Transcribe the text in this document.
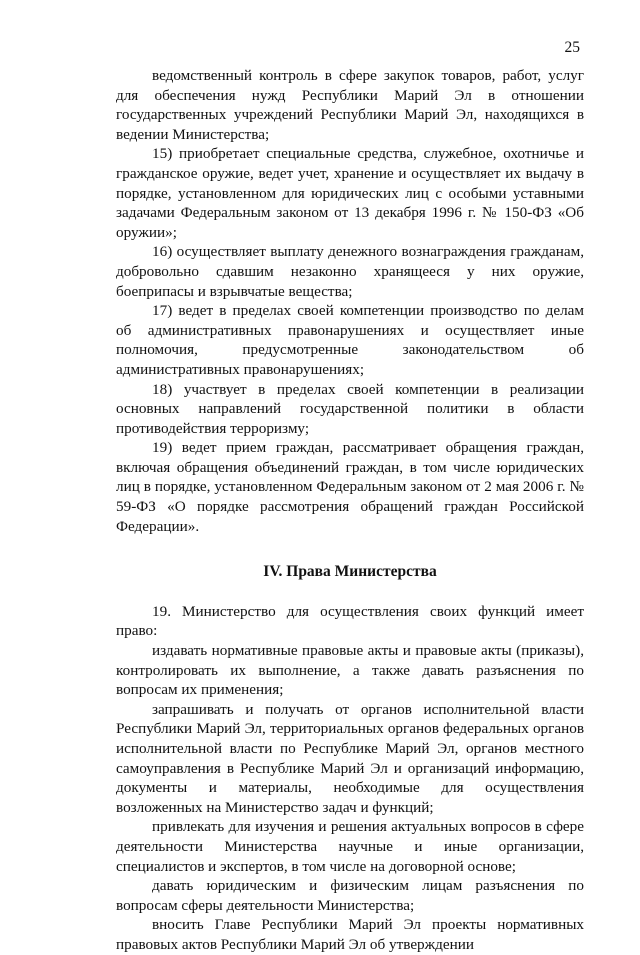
25

ведомственный контроль в сфере закупок товаров, работ, услуг для обеспечения нужд Республики Марий Эл в отношении государственных учреждений Республики Марий Эл, находящихся в ведении Министерства;

15) приобретает специальные средства, служебное, охотничье и гражданское оружие, ведет учет, хранение и осуществляет их выдачу в порядке, установленном для юридических лиц с особыми уставными задачами Федеральным законом от 13 декабря 1996 г. № 150-ФЗ «Об оружии»;

16) осуществляет выплату денежного вознаграждения гражданам, добровольно сдавшим незаконно хранящееся у них оружие, боеприпасы и взрывчатые вещества;

17) ведет в пределах своей компетенции производство по делам об административных правонарушениях и осуществляет иные полномочия, предусмотренные законодательством об административных правонарушениях;

18) участвует в пределах своей компетенции в реализации основных направлений государственной политики в области противодействия терроризму;

19) ведет прием граждан, рассматривает обращения граждан, включая обращения объединений граждан, в том числе юридических лиц в порядке, установленном Федеральным законом от 2 мая 2006 г. № 59-ФЗ «О порядке рассмотрения обращений граждан Российской Федерации».

IV. Права Министерства

19. Министерство для осуществления своих функций имеет право:

издавать нормативные правовые акты и правовые акты (приказы), контролировать их выполнение, а также давать разъяснения по вопросам их применения;

запрашивать и получать от органов исполнительной власти Республики Марий Эл, территориальных органов федеральных органов исполнительной власти по Республике Марий Эл, органов местного самоуправления в Республике Марий Эл и организаций информацию, документы и материалы, необходимые для осуществления возложенных на Министерство задач и функций;

привлекать для изучения и решения актуальных вопросов в сфере деятельности Министерства научные и иные организации, специалистов и экспертов, в том числе на договорной основе;

давать юридическим и физическим лицам разъяснения по вопросам сферы деятельности Министерства;

вносить Главе Республики Марий Эл проекты нормативных правовых актов Республики Марий Эл об утверждении
